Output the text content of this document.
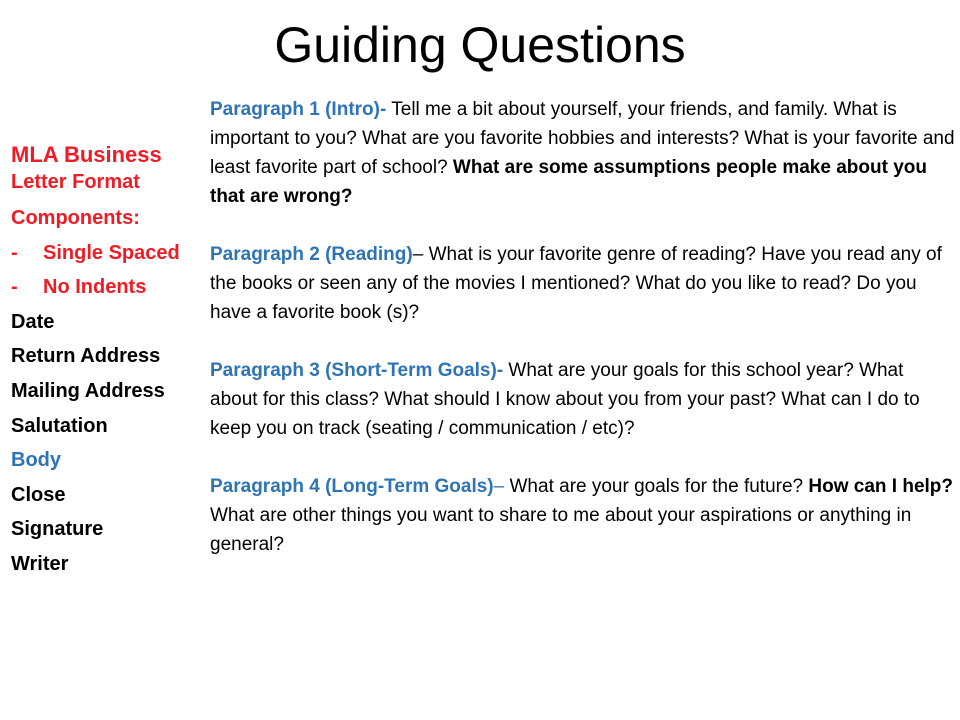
Guiding Questions
MLA Business
Letter Format
Components:
-	Single Spaced
-	No Indents
Date
Return Address
Mailing Address
Salutation
Body
Close
Signature
Writer

Paragraph 1 (Intro)- Tell me a bit about yourself, your friends, and family. What is important to you? What are you favorite hobbies and interests? What is your favorite and least favorite part of school? What are some assumptions people make about you that are wrong?

Paragraph 2 (Reading)– What is your favorite genre of reading? Have you read any of the books or seen any of the movies I mentioned? What do you like to read? Do you have a favorite book (s)?

Paragraph 3 (Short-Term Goals)- What are your goals for this school year? What about for this class? What should I know about you from your past? What can I do to keep you on track (seating / communication / etc)?

Paragraph 4 (Long-Term Goals)– What are your goals for the future? How can I help? What are other things you want to share to me about your aspirations or anything in general?
